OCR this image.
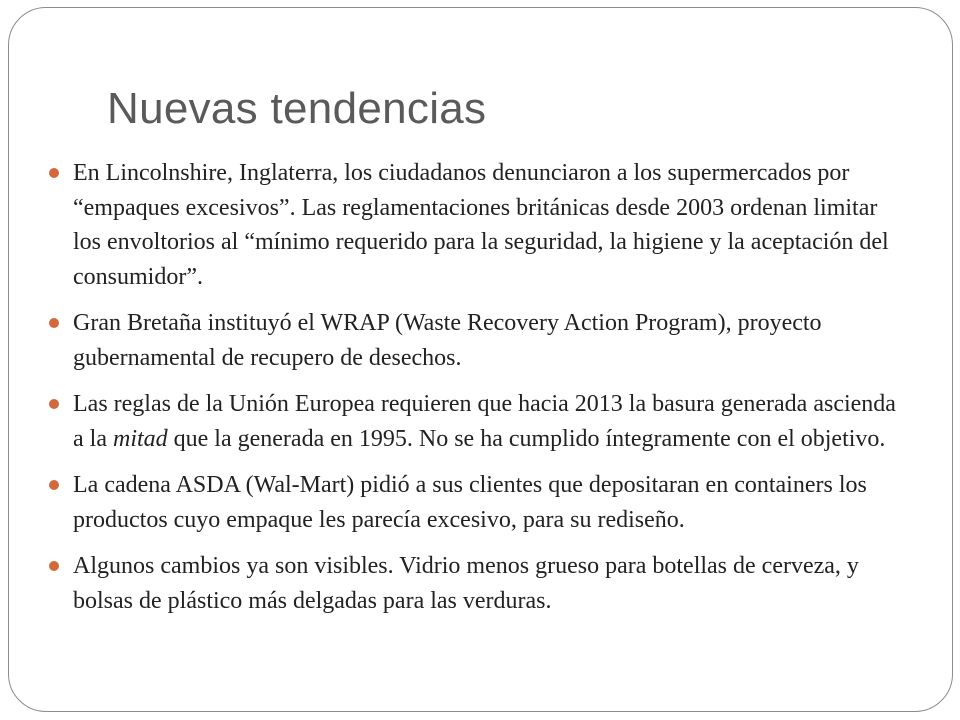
Nuevas tendencias
En Lincolnshire, Inglaterra, los ciudadanos denunciaron a los supermercados por “empaques excesivos”. Las reglamentaciones británicas desde 2003 ordenan limitar los envoltorios al “mínimo requerido para la seguridad, la higiene y la aceptación del consumidor”.
Gran Bretaña instituyó el WRAP (Waste Recovery Action Program), proyecto gubernamental de recupero de desechos.
Las reglas de la Unión Europea requieren que hacia 2013 la basura generada ascienda a la mitad que la generada en 1995. No se ha cumplido íntegramente con el objetivo.
La cadena ASDA (Wal-Mart) pidió a sus clientes que depositaran en containers los productos cuyo empaque les parecía excesivo, para su rediseño.
Algunos cambios ya son visibles. Vidrio menos grueso para botellas de cerveza, y bolsas de plástico más delgadas para las verduras.
